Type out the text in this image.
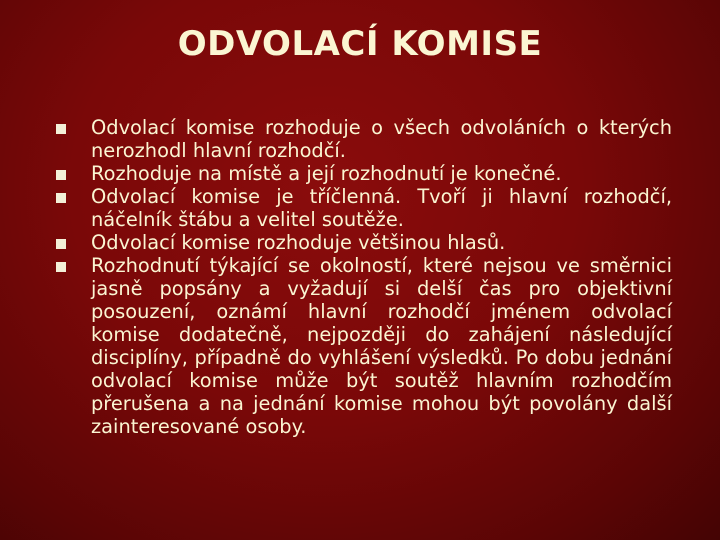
ODVOLACÍ KOMISE
Odvolací komise rozhoduje o všech odvoláních o kterých nerozhodl hlavní rozhodčí.
Rozhoduje na místě a její rozhodnutí je konečné.
Odvolací komise je tříčlenná. Tvoří ji hlavní rozhodčí, náčelník štábu a velitel soutěže.
Odvolací komise rozhoduje většinou hlasů.
Rozhodnutí týkající se okolností, které nejsou ve směrnici jasně popsány a vyžadují si delší čas pro objektivní posouzení, oznámí hlavní rozhodčí jménem odvolací komise dodatečně, nejpozději do zahájení následující disciplíny, případně do vyhlášení výsledků. Po dobu jednání odvolací komise může být soutěž hlavním rozhodčím přerušena a na jednání komise mohou být povolány další zainteresované osoby.
